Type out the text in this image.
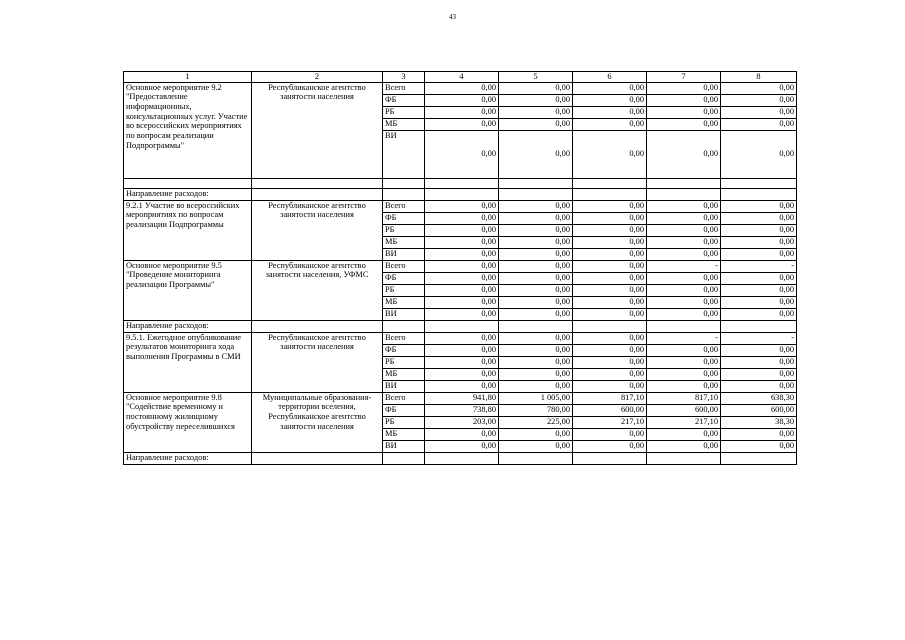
43
1	2	3	4	5	6	7	8
Основное мероприятие 9.2 "Предоставление информационных, консультационных услуг. Участие во всероссийских мероприятиях по вопросам реализации Подпрограммы"	Республиканское агентство занятости населения	Всего	0,00	0,00	0,00	0,00	0,00
		ФБ	0,00	0,00	0,00	0,00	0,00
		РБ	0,00	0,00	0,00	0,00	0,00
		МБ	0,00	0,00	0,00	0,00	0,00
		ВИ	0,00	0,00	0,00	0,00	0,00

Направление расходов:							
9.2.1 Участие во всероссийских мероприятиях по вопросам реализации Подпрограммы	Республиканское агентство занятости населения	Всего	0,00	0,00	0,00	0,00	0,00
		ФБ	0,00	0,00	0,00	0,00	0,00
		РБ	0,00	0,00	0,00	0,00	0,00
		МБ	0,00	0,00	0,00	0,00	0,00
		ВИ	0,00	0,00	0,00	0,00	0,00
Основное мероприятие 9.5 "Проведение мониторинга реализации Программы"	Республиканское агентство занятости населения, УФМС	Всего	0,00	0,00	0,00	-	-
		ФБ	0,00	0,00	0,00	0,00	0,00
		РБ	0,00	0,00	0,00	0,00	0,00
		МБ	0,00	0,00	0,00	0,00	0,00
		ВИ	0,00	0,00	0,00	0,00	0,00
Направление расходов:							
9.5.1. Ежегодное опубликование результатов мониторинга хода выполнения Программы в СМИ	Республиканское агентство занятости населения	Всего	0,00	0,00	0,00	-	-
		ФБ	0,00	0,00	0,00	0,00	0,00
		РБ	0,00	0,00	0,00	0,00	0,00
		МБ	0,00	0,00	0,00	0,00	0,00
		ВИ	0,00	0,00	0,00	0,00	0,00
Основное мероприятие 9.8 "Содействие временному и постоянному жилищному обустройству переселившихся	Муниципальные образования-территории вселения, Республиканское агентство занятости населения	Всего	941,80	1 005,00	817,10	817,10	638,30
		ФБ	738,80	780,00	600,00	600,00	600,00
		РБ	203,00	225,00	217,10	217,10	38,30
		МБ	0,00	0,00	0,00	0,00	0,00
		ВИ	0,00	0,00	0,00	0,00	0,00
Направление расходов:							
